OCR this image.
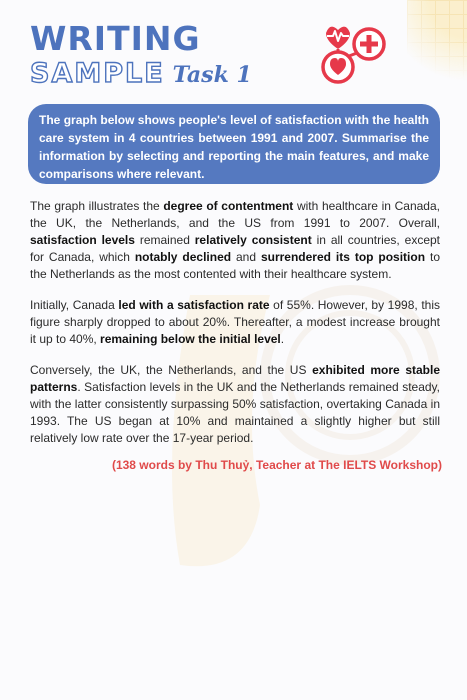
WRITING
SAMPLE Task 1
The graph below shows people's level of satisfaction with the health care system in 4 countries between 1991 and 2007. Summarise the information by selecting and reporting the main features, and make comparisons where relevant.

The graph illustrates the degree of contentment with healthcare in Canada, the UK, the Netherlands, and the US from 1991 to 2007. Overall, satisfaction levels remained relatively consistent in all countries, except for Canada, which notably declined and surrendered its top position to the Netherlands as the most contented with their healthcare system.

Initially, Canada led with a satisfaction rate of 55%. However, by 1998, this figure sharply dropped to about 20%. Thereafter, a modest increase brought it up to 40%, remaining below the initial level.

Conversely, the UK, the Netherlands, and the US exhibited more stable patterns. Satisfaction levels in the UK and the Netherlands remained steady, with the latter consistently surpassing 50% satisfaction, overtaking Canada in 1993. The US began at 10% and maintained a slightly higher but still relatively low rate over the 17-year period.

(138 words by Thu Thuỷ, Teacher at The IELTS Workshop)
